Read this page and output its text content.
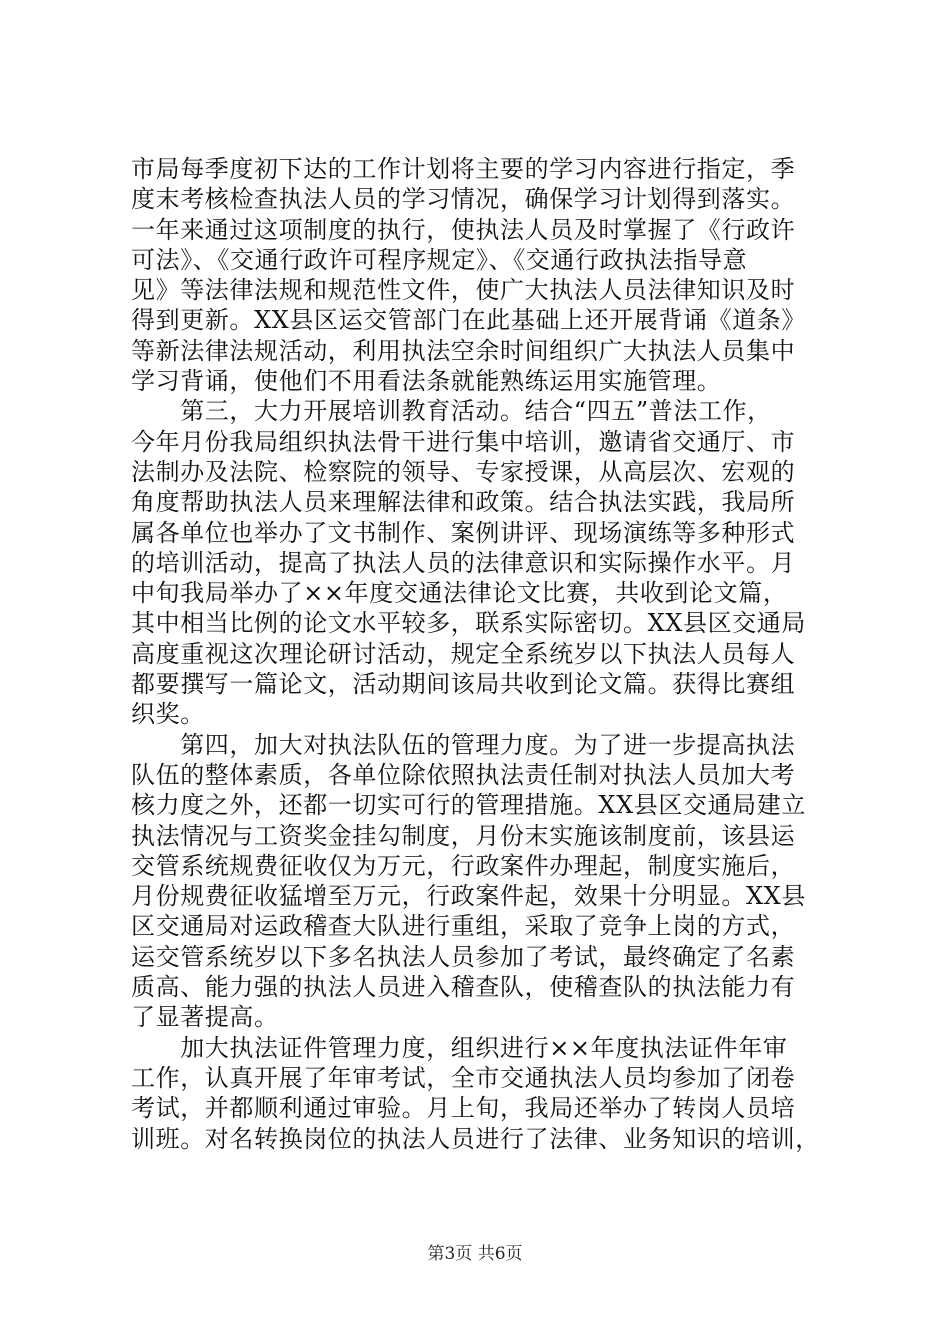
市局每季度初下达的工作计划将主要的学习内容进行指定，季
度末考核检查执法人员的学习情况，确保学习计划得到落实。
一年来通过这项制度的执行，使执法人员及时掌握了《行政许
可法》、《交通行政许可程序规定》、《交通行政执法指导意
见》等法律法规和规范性文件，使广大执法人员法律知识及时
得到更新。XX县区运交管部门在此基础上还开展背诵《道条》
等新法律法规活动，利用执法空余时间组织广大执法人员集中
学习背诵，使他们不用看法条就能熟练运用实施管理。
　　第三，大力开展培训教育活动。结合“四五”普法工作，
今年月份我局组织执法骨干进行集中培训，邀请省交通厅、市
法制办及法院、检察院的领导、专家授课，从高层次、宏观的
角度帮助执法人员来理解法律和政策。结合执法实践，我局所
属各单位也举办了文书制作、案例讲评、现场演练等多种形式
的培训活动，提高了执法人员的法律意识和实际操作水平。月
中旬我局举办了××年度交通法律论文比赛，共收到论文篇，
其中相当比例的论文水平较多，联系实际密切。XX县区交通局
高度重视这次理论研讨活动，规定全系统岁以下执法人员每人
都要撰写一篇论文，活动期间该局共收到论文篇。获得比赛组
织奖。
　　第四，加大对执法队伍的管理力度。为了进一步提高执法
队伍的整体素质，各单位除依照执法责任制对执法人员加大考
核力度之外，还都一切实可行的管理措施。XX县区交通局建立
执法情况与工资奖金挂勾制度，月份末实施该制度前，该县运
交管系统规费征收仅为万元，行政案件办理起，制度实施后，
月份规费征收猛增至万元，行政案件起，效果十分明显。XX县
区交通局对运政稽查大队进行重组，采取了竞争上岗的方式，
运交管系统岁以下多名执法人员参加了考试，最终确定了名素
质高、能力强的执法人员进入稽查队，使稽查队的执法能力有
了显著提高。
　　加大执法证件管理力度，组织进行××年度执法证件年审
工作，认真开展了年审考试，全市交通执法人员均参加了闭卷
考试，并都顺利通过审验。月上旬，我局还举办了转岗人员培
训班。对名转换岗位的执法人员进行了法律、业务知识的培训，
第3页 共6页
